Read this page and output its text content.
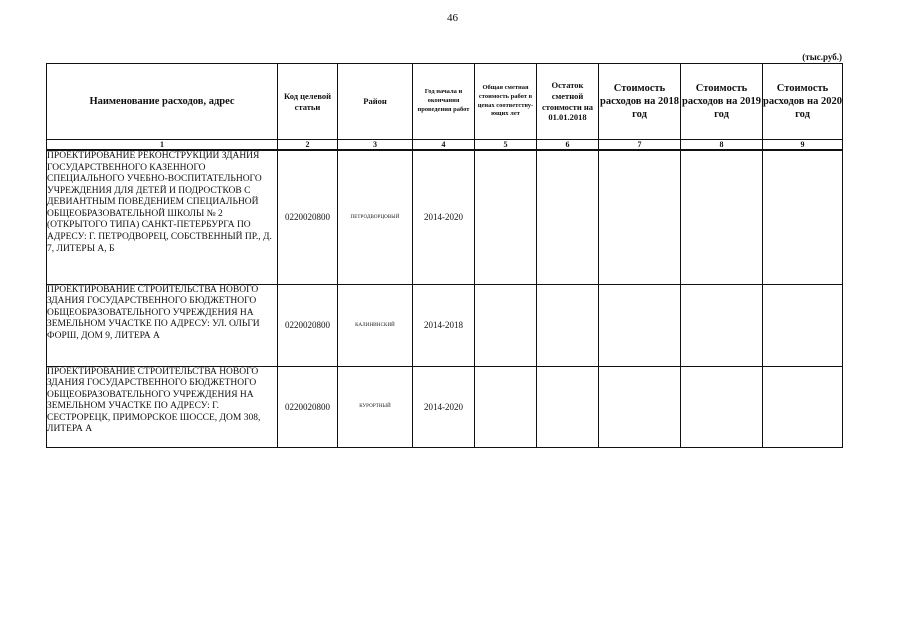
46
(тыс.руб.)
Наименование расходов, адрес	Код целевой статьи	Район	Год начала и окончания проведения работ	Общая сметная стоимость работ в ценах соответству-ющих лет	Остаток сметной стоимости на 01.01.2018	Стоимость расходов на 2018 год	Стоимость расходов на 2019 год	Стоимость расходов на 2020 год
1	2	3	4	5	6	7	8	9
ПРОЕКТИРОВАНИЕ РЕКОНСТРУКЦИИ ЗДАНИЯ ГОСУДАРСТВЕННОГО КАЗЕННОГО СПЕЦИАЛЬНОГО УЧЕБНО-ВОСПИТАТЕЛЬНОГО УЧРЕЖДЕНИЯ ДЛЯ ДЕТЕЙ И ПОДРОСТКОВ С ДЕВИАНТНЫМ ПОВЕДЕНИЕМ СПЕЦИАЛЬНОЙ ОБЩЕОБРАЗОВАТЕЛЬНОЙ ШКОЛЫ № 2 (ОТКРЫТОГО ТИПА) САНКТ-ПЕТЕРБУРГА ПО АДРЕСУ: Г. ПЕТРОДВОРЕЦ, СОБСТВЕННЫЙ ПР., Д. 7, ЛИТЕРЫ А, Б	0220020800	ПЕТРОДВОРЦОВЫЙ	2014-2020					
ПРОЕКТИРОВАНИЕ СТРОИТЕЛЬСТВА НОВОГО ЗДАНИЯ ГОСУДАРСТВЕННОГО БЮДЖЕТНОГО ОБЩЕОБРАЗОВАТЕЛЬНОГО УЧРЕЖДЕНИЯ НА ЗЕМЕЛЬНОМ УЧАСТКЕ ПО АДРЕСУ: УЛ. ОЛЬГИ ФОРШ, ДОМ 9, ЛИТЕРА А	0220020800	КАЛИНИНСКИЙ	2014-2018					
ПРОЕКТИРОВАНИЕ СТРОИТЕЛЬСТВА НОВОГО ЗДАНИЯ ГОСУДАРСТВЕННОГО БЮДЖЕТНОГО ОБЩЕОБРАЗОВАТЕЛЬНОГО УЧРЕЖДЕНИЯ НА ЗЕМЕЛЬНОМ УЧАСТКЕ ПО АДРЕСУ: Г. СЕСТРОРЕЦК, ПРИМОРСКОЕ ШОССЕ, ДОМ 308, ЛИТЕРА А	0220020800	КУРОРТНЫЙ	2014-2020					
